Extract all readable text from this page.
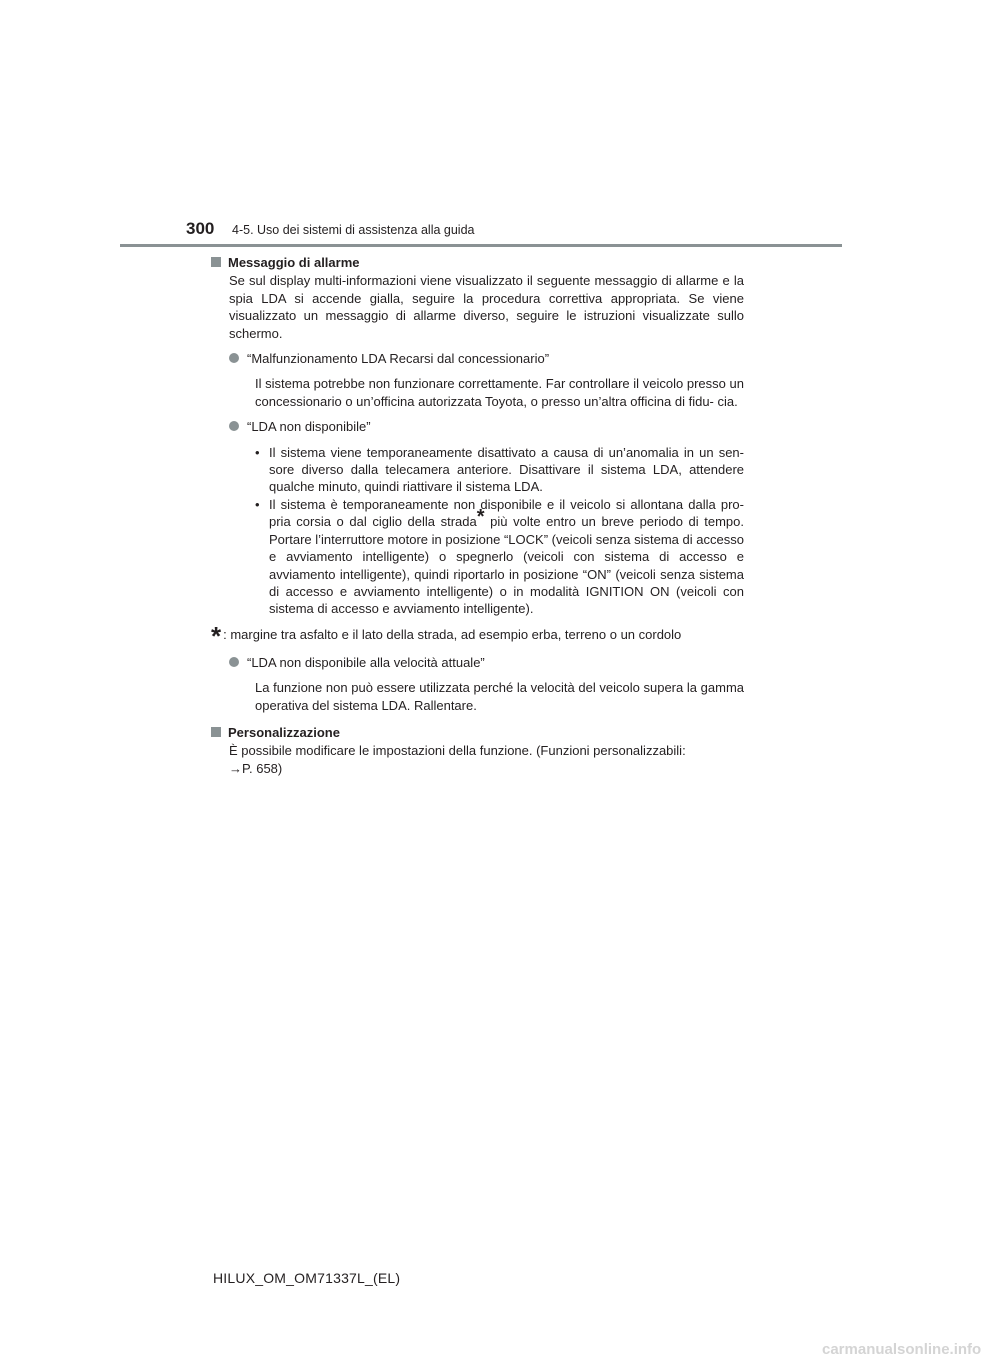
300 4-5. Uso dei sistemi di assistenza alla guida
Messaggio di allarme
Se sul display multi-informazioni viene visualizzato il seguente messaggio di allarme e la spia LDA si accende gialla, seguire la procedura correttiva appropriata. Se viene visualizzato un messaggio di allarme diverso, seguire le istruzioni visualizzate sullo schermo.
“Malfunzionamento LDA Recarsi dal concessionario”
Il sistema potrebbe non funzionare correttamente. Far controllare il veicolo presso un concessionario o un’officina autorizzata Toyota, o presso un’altra officina di fidu- cia.
“LDA non disponibile”
• Il sistema viene temporaneamente disattivato a causa di un’anomalia in un sen- sore diverso dalla telecamera anteriore. Disattivare il sistema LDA, attendere qualche minuto, quindi riattivare il sistema LDA.
• Il sistema è temporaneamente non disponibile e il veicolo si allontana dalla pro- pria corsia o dal ciglio della strada* più volte entro un breve periodo di tempo. Portare l’interruttore motore in posizione “LOCK” (veicoli senza sistema di accesso e avviamento intelligente) o spegnerlo (veicoli con sistema di accesso e avviamento intelligente), quindi riportarlo in posizione “ON” (veicoli senza sistema di accesso e avviamento intelligente) o in modalità IGNITION ON (veicoli con sistema di accesso e avviamento intelligente).
* : margine tra asfalto e il lato della strada, ad esempio erba, terreno o un cordolo
“LDA non disponibile alla velocità attuale”
La funzione non può essere utilizzata perché la velocità del veicolo supera la gamma operativa del sistema LDA. Rallentare.
Personalizzazione
È possibile modificare le impostazioni della funzione. (Funzioni personalizzabili:
→P. 658)
HILUX_OM_OM71337L_(EL)
carmanualsonline.info
